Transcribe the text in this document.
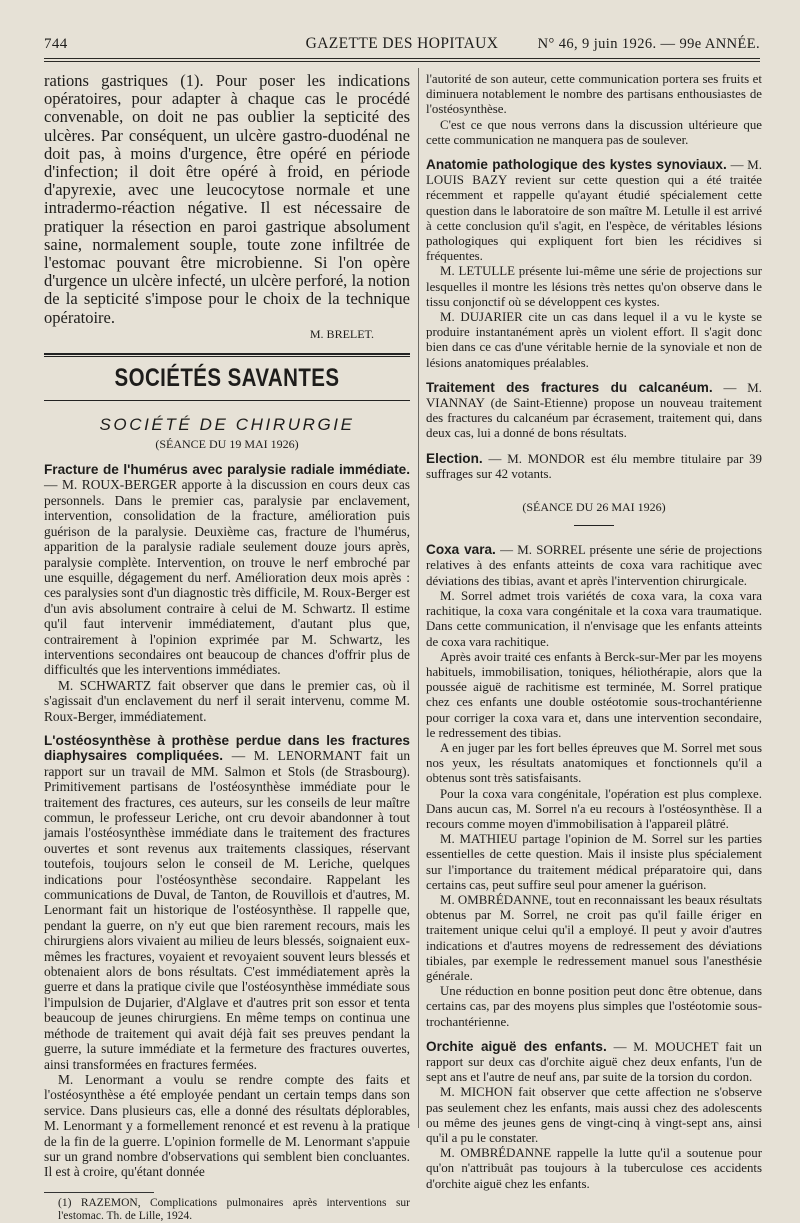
744	GAZETTE DES HOPITAUX	N° 46, 9 juin 1926. — 99e ANNÉE.

rations gastriques (1). Pour poser les indications opératoires, pour adapter à chaque cas le procédé convenable, on doit ne pas oublier la septicité des ulcères. Par conséquent, un ulcère gastro-duodénal ne doit pas, à moins d'urgence, être opéré en période d'infection; il doit être opéré à froid, en période d'apyrexie, avec une leucocytose normale et une intradermo-réaction négative. Il est nécessaire de pratiquer la résection en paroi gastrique absolument saine, normalement souple, toute zone infiltrée de l'estomac pouvant être microbienne. Si l'on opère d'urgence un ulcère infecté, un ulcère perforé, la notion de la septicité s'impose pour le choix de la technique opératoire.

M. BRELET.
SOCIÉTÉS SAVANTES
SOCIÉTÉ DE CHIRURGIE
(SÉANCE DU 19 MAI 1926)

Fracture de l'humérus avec paralysie radiale immédiate. — M. ROUX-BERGER apporte à la discussion en cours deux cas personnels. Dans le premier cas, paralysie par enclavement, intervention, consolidation de la fracture, amélioration puis guérison de la paralysie. Deuxième cas, fracture de l'humérus, apparition de la paralysie radiale seulement douze jours après, paralysie complète. Intervention, on trouve le nerf embroché par une esquille, dégagement du nerf. Amélioration deux mois après : ces paralysies sont d'un diagnostic très difficile, M. Roux-Berger est d'un avis absolument contraire à celui de M. Schwartz. Il estime qu'il faut intervenir immédiatement, d'autant plus que, contrairement à l'opinion exprimée par M. Schwartz, les interventions secondaires ont beaucoup de chances d'offrir plus de difficultés que les interventions immédiates.

M. SCHWARTZ fait observer que dans le premier cas, où il s'agissait d'un enclavement du nerf il serait intervenu, comme M. Roux-Berger, immédiatement.

L'ostéosynthèse à prothèse perdue dans les fractures diaphysaires compliquées. — M. LENORMANT fait un rapport sur un travail de MM. Salmon et Stols (de Strasbourg). Primitivement partisans de l'ostéosynthèse immédiate pour le traitement des fractures, ces auteurs, sur les conseils de leur maître commun, le professeur Leriche, ont cru devoir abandonner à tout jamais l'ostéosynthèse immédiate dans le traitement des fractures ouvertes et sont revenus aux traitements classiques, réservant toutefois, toujours selon le conseil de M. Leriche, quelques indications pour l'ostéosynthèse secondaire. Rappelant les communications de Duval, de Tanton, de Rouvillois et d'autres, M. Lenormant fait un historique de l'ostéosynthèse. Il rappelle que, pendant la guerre, on n'y eut que bien rarement recours, mais les chirurgiens alors vivaient au milieu de leurs blessés, soignaient eux-mêmes les fractures, voyaient et revoyaient souvent leurs blessés et obtenaient alors de bons résultats. C'est immédiatement après la guerre et dans la pratique civile que l'ostéosynthèse immédiate sous l'impulsion de Dujarier, d'Alglave et d'autres prit son essor et tenta beaucoup de jeunes chirurgiens. En même temps on continua une méthode de traitement qui avait déjà fait ses preuves pendant la guerre, la suture immédiate et la fermeture des fractures ouvertes, ainsi transformées en fractures fermées.

M. Lenormant a voulu se rendre compte des faits et l'ostéosynthèse a été employée pendant un certain temps dans son service. Dans plusieurs cas, elle a donné des résultats déplorables, M. Lenormant y a formellement renoncé et est revenu à la pratique de la fin de la guerre. L'opinion formelle de M. Lenormant s'appuie sur un grand nombre d'observations qui semblent bien concluantes. Il est à croire, qu'étant donnée

(1) RAZEMON, Complications pulmonaires après interventions sur l'estomac. Th. de Lille, 1924.

l'autorité de son auteur, cette communication portera ses fruits et diminuera notablement le nombre des partisans enthousiastes de l'ostéosynthèse.

C'est ce que nous verrons dans la discussion ultérieure que cette communication ne manquera pas de soulever.

Anatomie pathologique des kystes synoviaux. — M. LOUIS BAZY revient sur cette question qui a été traitée récemment et rappelle qu'ayant étudié spécialement cette question dans le laboratoire de son maître M. Letulle il est arrivé à cette conclusion qu'il s'agit, en l'espèce, de véritables lésions pathologiques qui expliquent fort bien les récidives si fréquentes.

M. LETULLE présente lui-même une série de projections sur lesquelles il montre les lésions très nettes qu'on observe dans le tissu conjonctif où se développent ces kystes.

M. DUJARIER cite un cas dans lequel il a vu le kyste se produire instantanément après un violent effort. Il s'agit donc bien dans ce cas d'une véritable hernie de la synoviale et non de lésions anatomiques préalables.

Traitement des fractures du calcanéum. — M. VIANNAY (de Saint-Etienne) propose un nouveau traitement des fractures du calcanéum par écrasement, traitement qui, dans deux cas, lui a donné de bons résultats.

Election. — M. MONDOR est élu membre titulaire par 39 suffrages sur 42 votants.

(SÉANCE DU 26 MAI 1926)

Coxa vara. — M. SORREL présente une série de projections relatives à des enfants atteints de coxa vara rachitique avec déviations des tibias, avant et après l'intervention chirurgicale.

M. Sorrel admet trois variétés de coxa vara, la coxa vara rachitique, la coxa vara congénitale et la coxa vara traumatique. Dans cette communication, il n'envisage que les enfants atteints de coxa vara rachitique.

Après avoir traité ces enfants à Berck-sur-Mer par les moyens habituels, immobilisation, toniques, héliothérapie, alors que la poussée aiguë de rachitisme est terminée, M. Sorrel pratique chez ces enfants une double ostéotomie sous-trochantérienne pour corriger la coxa vara et, dans une intervention secondaire, le redressement des tibias.

A en juger par les fort belles épreuves que M. Sorrel met sous nos yeux, les résultats anatomiques et fonctionnels qu'il a obtenus sont très satisfaisants.

Pour la coxa vara congénitale, l'opération est plus complexe. Dans aucun cas, M. Sorrel n'a eu recours à l'ostéosynthèse. Il a recours comme moyen d'immobilisation à l'appareil plâtré.

M. MATHIEU partage l'opinion de M. Sorrel sur les parties essentielles de cette question. Mais il insiste plus spécialement sur l'importance du traitement médical préparatoire qui, dans certains cas, peut suffire seul pour amener la guérison.

M. OMBRÉDANNE, tout en reconnaissant les beaux résultats obtenus par M. Sorrel, ne croit pas qu'il faille ériger en traitement unique celui qu'il a employé. Il peut y avoir d'autres indications et d'autres moyens de redressement des déviations tibiales, par exemple le redressement manuel sous l'anesthésie générale.

Une réduction en bonne position peut donc être obtenue, dans certains cas, par des moyens plus simples que l'ostéotomie sous-trochantérienne.

Orchite aiguë des enfants. — M. MOUCHET fait un rapport sur deux cas d'orchite aiguë chez deux enfants, l'un de sept ans et l'autre de neuf ans, par suite de la torsion du cordon.

M. MICHON fait observer que cette affection ne s'observe pas seulement chez les enfants, mais aussi chez des adolescents ou même des jeunes gens de vingt-cinq à vingt-sept ans, ainsi qu'il a pu le constater.

M. OMBRÉDANNE rappelle la lutte qu'il a soutenue pour qu'on n'attribuât pas toujours à la tuberculose ces accidents d'orchite aiguë chez les enfants.
